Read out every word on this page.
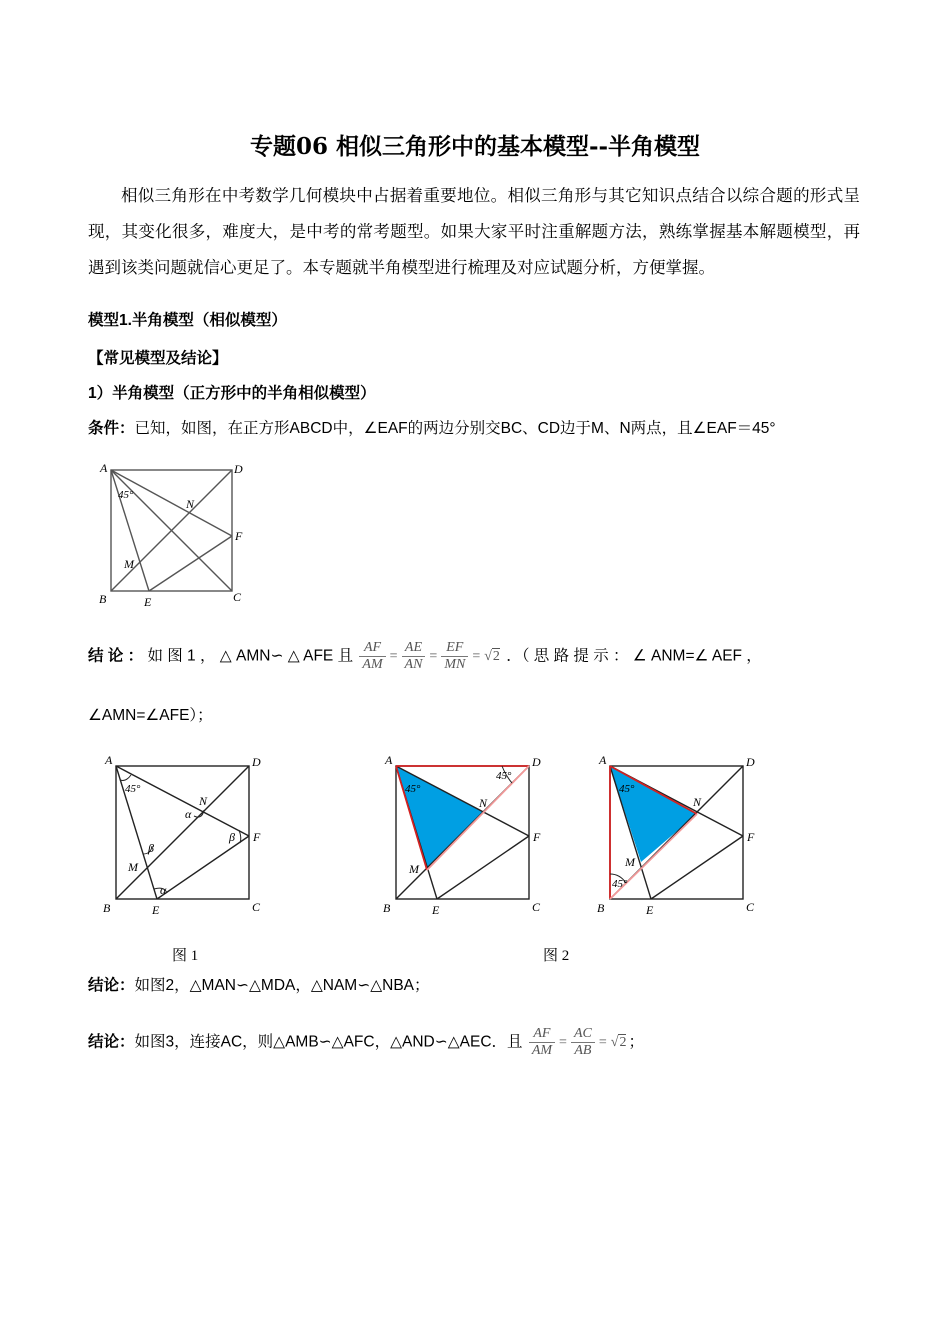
专题06 相似三角形中的基本模型--半角模型
相似三角形在中考数学几何模块中占据着重要地位。相似三角形与其它知识点结合以综合题的形式呈现，其变化很多，难度大，是中考的常考题型。如果大家平时注重解题方法，熟练掌握基本解题模型，再遇到该类问题就信心更足了。本专题就半角模型进行梳理及对应试题分析，方便掌握。
模型1.半角模型（相似模型）
【常见模型及结论】
1）半角模型（正方形中的半角相似模型）
条件：已知，如图，在正方形ABCD中，∠EAF的两边分别交BC、CD边于M、N两点，且∠EAF＝45°
A	D
B	C
E
F
M
N
45°
结 论 ： 如 图 1 ， △ AMN∽ △ AFE 且 $\frac{AF}{AM} = \frac{AE}{AN} = \frac{EF}{MN} = √2$ ．（ 思 路 提 示 ： ∠ ANM=∠ AEF ，
∠AMN=∠AFE）；
A	D
B	C
E
F
M
N
45°
α
β
β
α
A	D
B	C
E
F
M
N
45°
45°
A	D
B	C
E
F
M
N
45°
45°
图 1	图 2
结论：如图2，△MAN∽△MDA，△NAM∽△NBA；
结论：如图3，连接AC，则△AMB∽△AFC，△AND∽△AEC．且 $\frac{AF}{AM} = \frac{AC}{AB} = √2$ ；
